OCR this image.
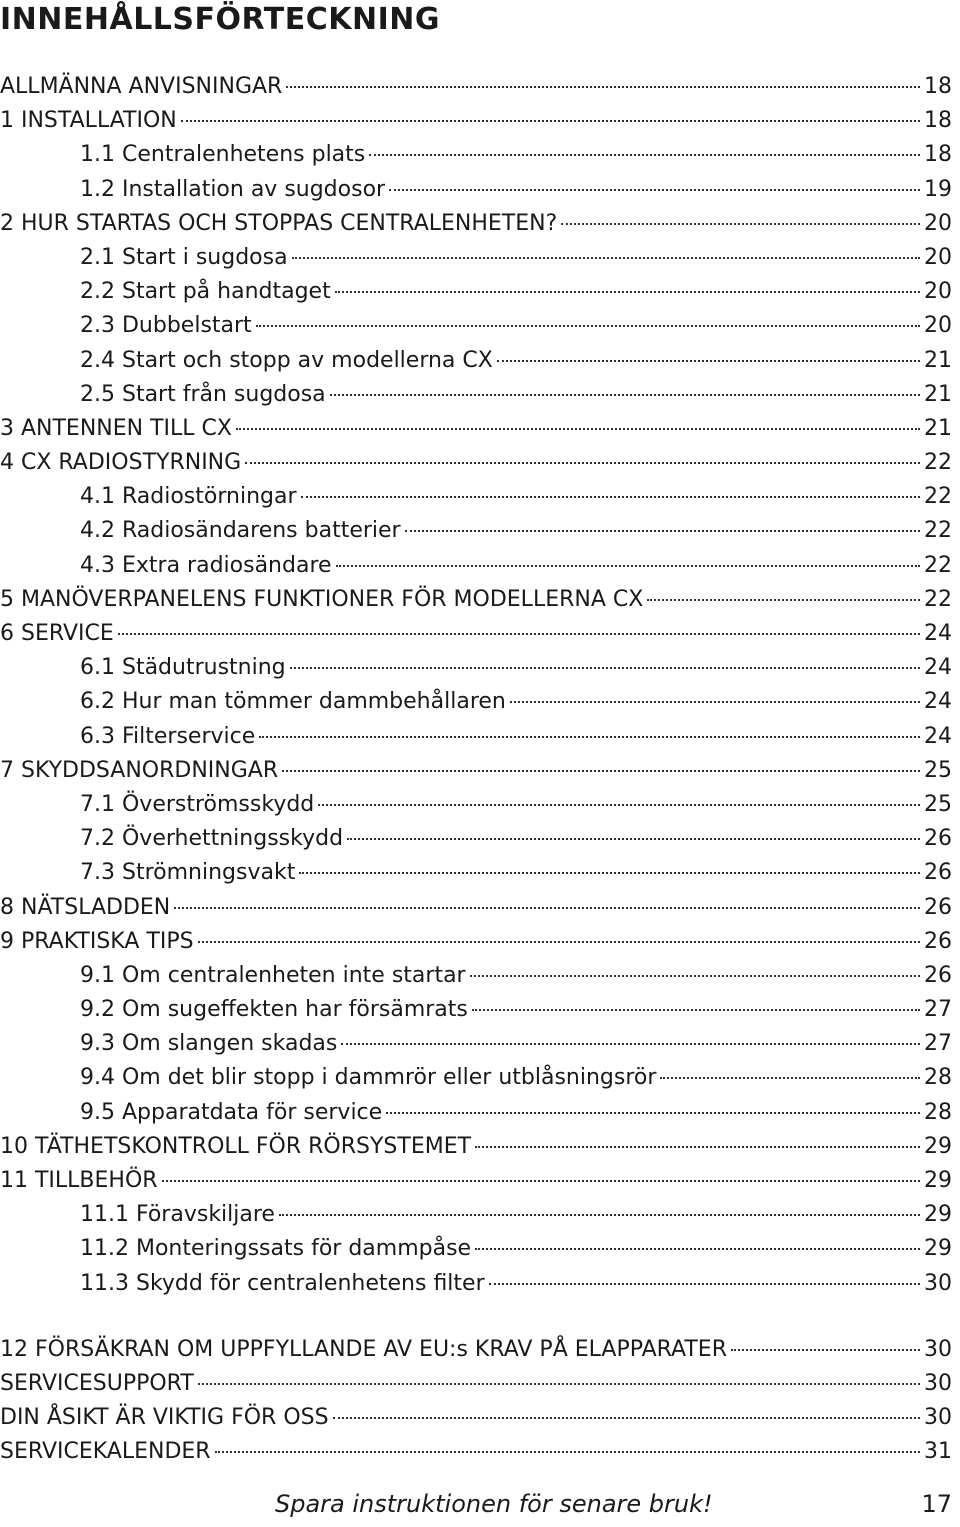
INNEHÅLLSFÖRTECKNING
ALLMÄNNA ANVISNINGAR	18
1 INSTALLATION	18
1.1 Centralenhetens plats	18
1.2 Installation av sugdosor	19
2 HUR STARTAS OCH STOPPAS CENTRALENHETEN?	20
2.1 Start i sugdosa	20
2.2 Start på handtaget	20
2.3 Dubbelstart	20
2.4 Start och stopp av modellerna CX	21
2.5 Start från sugdosa	21
3 ANTENNEN TILL CX	21
4 CX RADIOSTYRNING	22
4.1 Radiostörningar	22
4.2 Radiosändarens batterier	22
4.3 Extra radiosändare	22
5 MANÖVERPANELENS FUNKTIONER FÖR MODELLERNA CX	22
6 SERVICE	24
6.1 Städutrustning	24
6.2 Hur man tömmer dammbehållaren	24
6.3 Filterservice	24
7 SKYDDSANORDNINGAR	25
7.1 Överströmsskydd	25
7.2 Överhettningsskydd	26
7.3 Strömningsvakt	26
8 NÄTSLADDEN	26
9 PRAKTISKA TIPS	26
9.1 Om centralenheten inte startar	26
9.2 Om sugeffekten har försämrats	27
9.3 Om slangen skadas	27
9.4 Om det blir stopp i dammrör eller utblåsningsrör	28
9.5 Apparatdata för service	28
10 TÄTHETSKONTROLL FÖR RÖRSYSTEMET	29
11 TILLBEHÖR	29
11.1 Föravskiljare	29
11.2 Monteringssats för dammpåse	29
11.3 Skydd för centralenhetens filter	30
12 FÖRSÄKRAN OM UPPFYLLANDE AV EU:s KRAV PÅ ELAPPARATER	30
SERVICESUPPORT	30
DIN ÅSIKT ÄR VIKTIG FÖR OSS	30
SERVICEKALENDER	31
Spara instruktionen för senare bruk!	17
